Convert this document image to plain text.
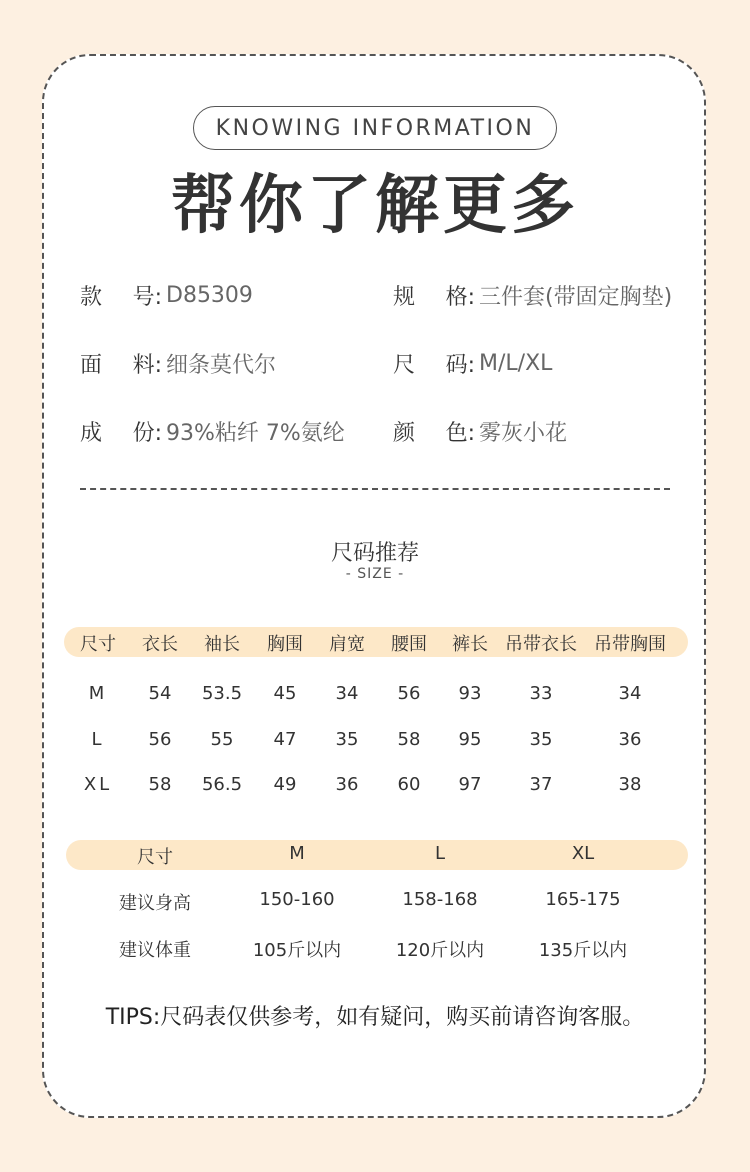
KNOWING INFORMATION
帮你了解更多
款 号: D85309	规 格: 三件套(带固定胸垫)
面 料: 细条莫代尔	尺 码: M/L/XL
成 份: 93%粘纤 7%氨纶 颜 色: 雾灰小花
尺码推荐
- SIZE -
尺寸 衣长 袖长 胸围 肩宽 腰围 裤长 吊带衣长 吊带胸围
M 54 53.5 45 34 56 93	33	34
L 56 55 47 35 58 95	35	36
XL 58 56.5 49 36 60 97	37	38
尺寸	M	L	XL
建议身高	150-160	158-168	165-175
建议体重	105斤以内	120斤以内	135斤以内
TIPS:尺码表仅供参考，如有疑问，购买前请咨询客服。
